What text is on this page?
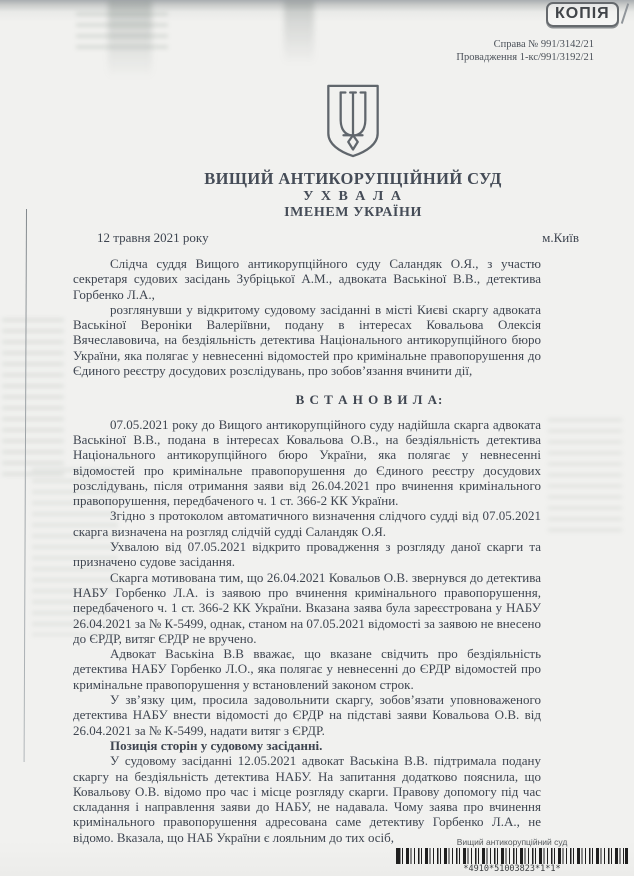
КОПІЯ
Справа № 991/3142/21
Провадження 1-кс/991/3192/21
ВИЩИЙ АНТИКОРУПЦІЙНИЙ СУД
У Х В А Л А
ІМЕНЕМ УКРАЇНИ
12 травня 2021 року	м.Київ

Слідча суддя Вищого антикорупційного суду Саландяк О.Я., з участю секретаря судових засідань Зубріцької А.М., адвоката Васькіної В.В., детектива Горбенко Л.А.,

розглянувши у відкритому судовому засіданні в місті Києві скаргу адвоката Васькіної Вероніки Валеріївни, подану в інтересах Ковальова Олексія Вячеславовича, на бездіяльність детектива Національного антикорупційного бюро України, яка полягає у невнесенні відомостей про кримінальне правопорушення до Єдиного реєстру досудових розслідувань, про зобов’язання вчинити дії,

В С Т А Н О В И Л А:

07.05.2021 року до Вищого антикорупційного суду надійшла скарга адвоката Васькіної В.В., подана в інтересах Ковальова О.В., на бездіяльність детектива Національного антикорупційного бюро України, яка полягає у невнесенні відомостей про кримінальне правопорушення до Єдиного реєстру досудових розслідувань, після отримання заяви від 26.04.2021 про вчинення кримінального правопорушення, передбаченого ч. 1 ст. 366-2 КК України.

Згідно з протоколом автоматичного визначення слідчого судді від 07.05.2021 скарга визначена на розгляд слідчій судді Саландяк О.Я.

Ухвалою від 07.05.2021 відкрито провадження з розгляду даної скарги та призначено судове засідання.

Скарга мотивована тим, що 26.04.2021 Ковальов О.В. звернувся до детектива НАБУ Горбенко Л.А. із заявою про вчинення кримінального правопорушення, передбаченого ч. 1 ст. 366-2 КК України. Вказана заява була зареєстрована у НАБУ 26.04.2021 за № К-5499, однак, станом на 07.05.2021 відомості за заявою не внесено до ЄРДР, витяг ЄРДР не вручено.

Адвокат Васькіна В.В вважає, що вказане свідчить про бездіяльність детектива НАБУ Горбенко Л.О., яка полягає у невнесенні до ЄРДР відомостей про кримінальне правопорушення у встановлений законом строк.

У зв’язку цим, просила задовольнити скаргу, зобов’язати уповноваженого детектива НАБУ внести відомості до ЄРДР на підставі заяви Ковальова О.В. від 26.04.2021 за № К-5499, надати витяг з ЄРДР.

Позиція сторін у судовому засіданні.

У судовому засіданні 12.05.2021 адвокат Васькіна В.В. підтримала подану скаргу на бездіяльність детектива НАБУ. На запитання додатково пояснила, що Ковальову О.В. відомо про час і місце розгляду скарги. Правову допомогу під час складання і направлення заяви до НАБУ, не надавала. Чому заява про вчинення кримінального правопорушення адресована саме детективу Горбенко Л.А., не відомо. Вказала, що НАБ України є лояльним до тих осіб,	Вищий антикорупційний суд
*4910*51003823*1*1*
